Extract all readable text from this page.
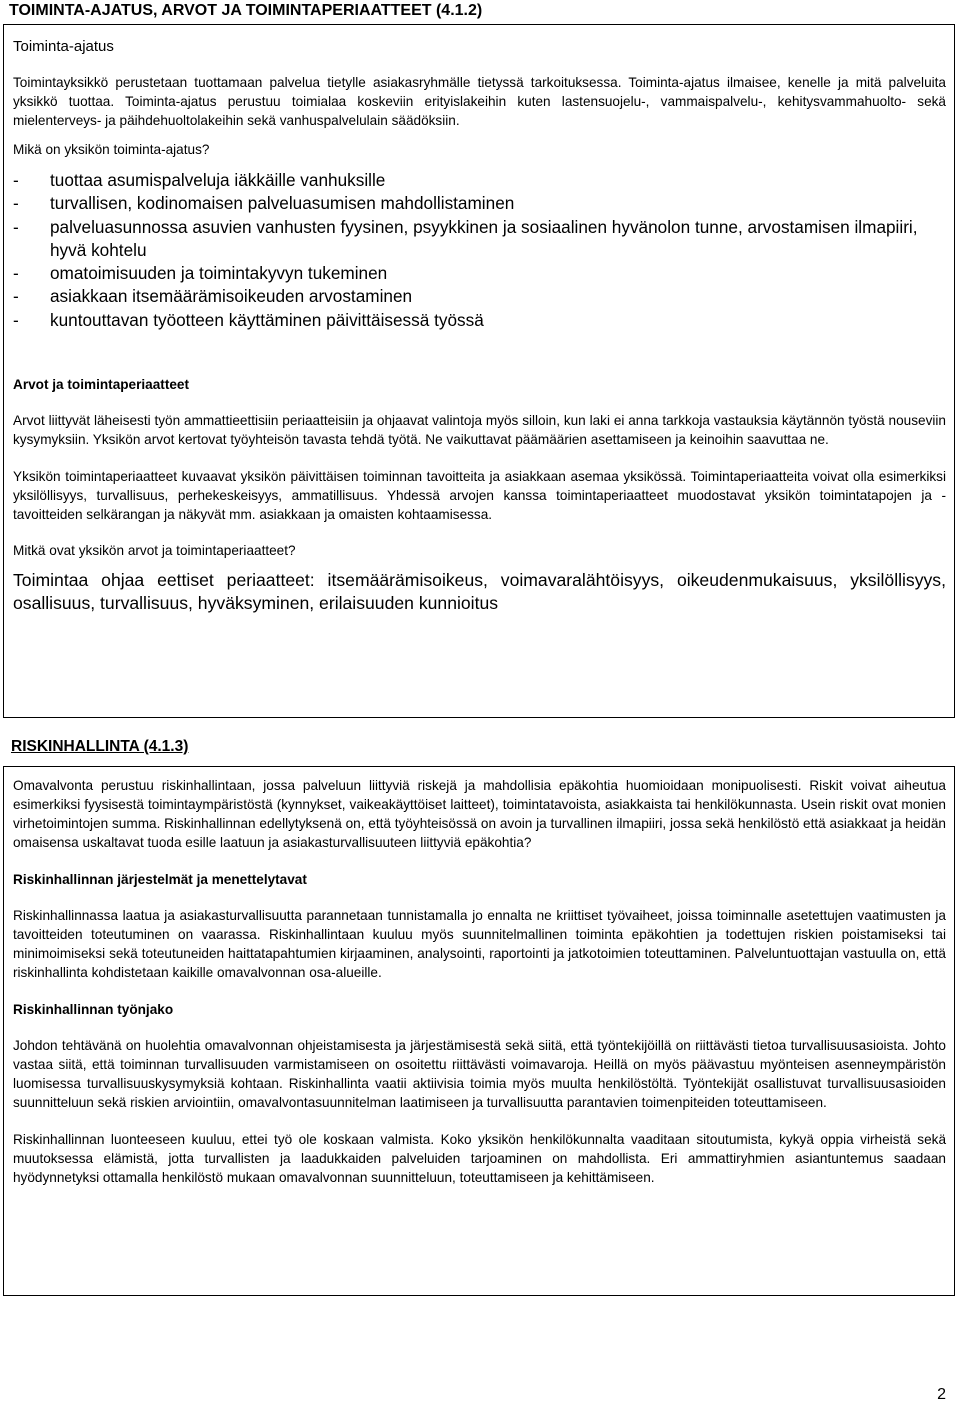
TOIMINTA-AJATUS, ARVOT JA TOIMINTAPERIAATTEET (4.1.2)

Toiminta-ajatus

Toimintayksikkö perustetaan tuottamaan palvelua tietylle asiakasryhmälle tietyssä tarkoituksessa. Toiminta-ajatus ilmaisee, kenelle ja mitä palveluita yksikkö tuottaa. Toiminta-ajatus perustuu toimialaa koskeviin erityislakeihin kuten lastensuojelu-, vammaispalvelu-, kehitysvammahuolto- sekä mielenterveys- ja päihdehuoltolakeihin sekä vanhuspalvelulain säädöksiin.

Mikä on yksikön toiminta-ajatus?

- tuottaa asumispalveluja iäkkäille vanhuksille
- turvallisen, kodinomaisen palveluasumisen mahdollistaminen
- palveluasunnossa asuvien vanhusten fyysinen, psyykkinen ja sosiaalinen hyvänolon tunne, arvostamisen ilmapiiri, hyvä kohtelu
- omatoimisuuden ja toimintakyvyn tukeminen
- asiakkaan itsemäärämisoikeuden arvostaminen
- kuntouttavan työotteen käyttäminen päivittäisessä työssä

Arvot ja toimintaperiaatteet

Arvot liittyvät läheisesti työn ammattieettisiin periaatteisiin ja ohjaavat valintoja myös silloin, kun laki ei anna tarkkoja vastauksia käytännön työstä nouseviin kysymyksiin. Yksikön arvot kertovat työyhteisön tavasta tehdä työtä. Ne vaikuttavat päämäärien asettamiseen ja keinoihin saavuttaa ne.

Yksikön toimintaperiaatteet kuvaavat yksikön päivittäisen toiminnan tavoitteita ja asiakkaan asemaa yksikössä. Toimintaperiaatteita voivat olla esimerkiksi yksilöllisyys, turvallisuus, perhekeskeisyys, ammatillisuus. Yhdessä arvojen kanssa toimintaperiaatteet muodostavat yksikön toimintatapojen ja -tavoitteiden selkärangan ja näkyvät mm. asiakkaan ja omaisten kohtaamisessa.

Mitkä ovat yksikön arvot ja toimintaperiaatteet?

Toimintaa ohjaa eettiset periaatteet: itsemäärämisoikeus, voimavaralähtöisyys, oikeudenmukaisuus, yksilöllisyys, osallisuus, turvallisuus, hyväksyminen, erilaisuuden kunnioitus

RISKINHALLINTA (4.1.3)

Omavalvonta perustuu riskinhallintaan, jossa palveluun liittyviä riskejä ja mahdollisia epäkohtia huomioidaan monipuolisesti. Riskit voivat aiheutua esimerkiksi fyysisestä toimintaympäristöstä (kynnykset, vaikeakäyttöiset laitteet), toimintatavoista, asiakkaista tai henkilökunnasta. Usein riskit ovat monien virhetoimintojen summa. Riskinhallinnan edellytyksenä on, että työyhteisössä on avoin ja turvallinen ilmapiiri, jossa sekä henkilöstö että asiakkaat ja heidän omaisensa uskaltavat tuoda esille laatuun ja asiakasturvallisuuteen liittyviä epäkohtia?

Riskinhallinnan järjestelmät ja menettelytavat

Riskinhallinnassa laatua ja asiakasturvallisuutta parannetaan tunnistamalla jo ennalta ne kriittiset työvaiheet, joissa toiminnalle asetettujen vaatimusten ja tavoitteiden toteutuminen on vaarassa. Riskinhallintaan kuuluu myös suunnitelmallinen toiminta epäkohtien ja todettujen riskien poistamiseksi tai minimoimiseksi sekä toteutuneiden haittatapahtumien kirjaaminen, analysointi, raportointi ja jatkotoimien toteuttaminen. Palveluntuottajan vastuulla on, että riskinhallinta kohdistetaan kaikille omavalvonnan osa-alueille.

Riskinhallinnan työnjako

Johdon tehtävänä on huolehtia omavalvonnan ohjeistamisesta ja järjestämisestä sekä siitä, että työntekijöillä on riittävästi tietoa turvallisuusasioista. Johto vastaa siitä, että toiminnan turvallisuuden varmistamiseen on osoitettu riittävästi voimavaroja. Heillä on myös päävastuu myönteisen asenneympäristön luomisessa turvallisuuskysymyksiä kohtaan. Riskinhallinta vaatii aktiivisia toimia myös muulta henkilöstöltä. Työntekijät osallistuvat turvallisuusasioiden suunnitteluun sekä riskien arviointiin, omavalvontasuunnitelman laatimiseen ja turvallisuutta parantavien toimenpiteiden toteuttamiseen.

Riskinhallinnan luonteeseen kuuluu, ettei työ ole koskaan valmista. Koko yksikön henkilökunnalta vaaditaan sitoutumista, kykyä oppia virheistä sekä muutoksessa elämistä, jotta turvallisten ja laadukkaiden palveluiden tarjoaminen on mahdollista. Eri ammattiryhmien asiantuntemus saadaan hyödynnetyksi ottamalla henkilöstö mukaan omavalvonnan suunnitteluun, toteuttamiseen ja kehittämiseen.

2
